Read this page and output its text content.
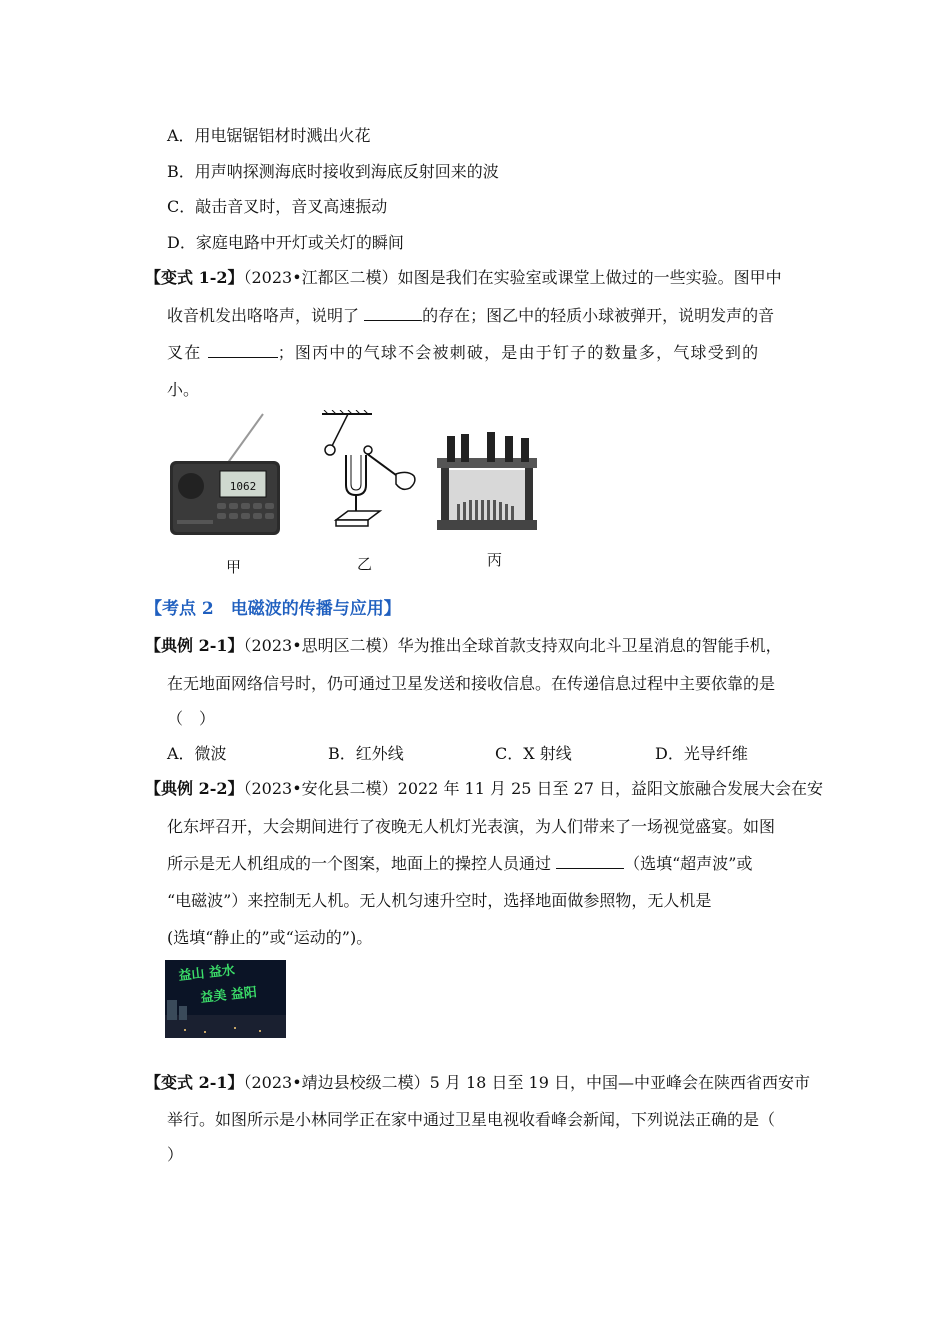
A．用电锯锯铝材时溅出火花
B．用声呐探测海底时接收到海底反射回来的波
C．敲击音叉时，音叉高速振动
D．家庭电路中开灯或关灯的瞬间
【变式 1-2】（2023•江都区二模）如图是我们在实验室或课堂上做过的一些实验。图甲中
收音机发出咯咯声，说明了	的存在；图乙中的轻质小球被弹开，说明发声的音
叉在	；图丙中的气球不会被刺破，是由于钉子的数量多，气球受到的
小。
1062
甲	乙	丙
【考点 2　电磁波的传播与应用】
【典例 2-1】（2023•思明区二模）华为推出全球首款支持双向北斗卫星消息的智能手机，
在无地面网络信号时，仍可通过卫星发送和接收信息。在传递信息过程中主要依靠的是
（　）
A．微波	B．红外线	C．X 射线	D．光导纤维
【典例 2-2】（2023•安化县二模）2022 年 11 月 25 日至 27 日，益阳文旅融合发展大会在安
化东坪召开，大会期间进行了夜晚无人机灯光表演，为人们带来了一场视觉盛宴。如图
所示是无人机组成的一个图案，地面上的操控人员通过	（选填“超声波”或
“电磁波”）来控制无人机。无人机匀速升空时，选择地面做参照物，无人机是
(选填“静止的”或“运动的”)。
益山 益水
益美 益阳
【变式 2-1】（2023•靖边县校级二模）5 月 18 日至 19 日，中国—中亚峰会在陕西省西安市
举行。如图所示是小林同学正在家中通过卫星电视收看峰会新闻，下列说法正确的是（
）
